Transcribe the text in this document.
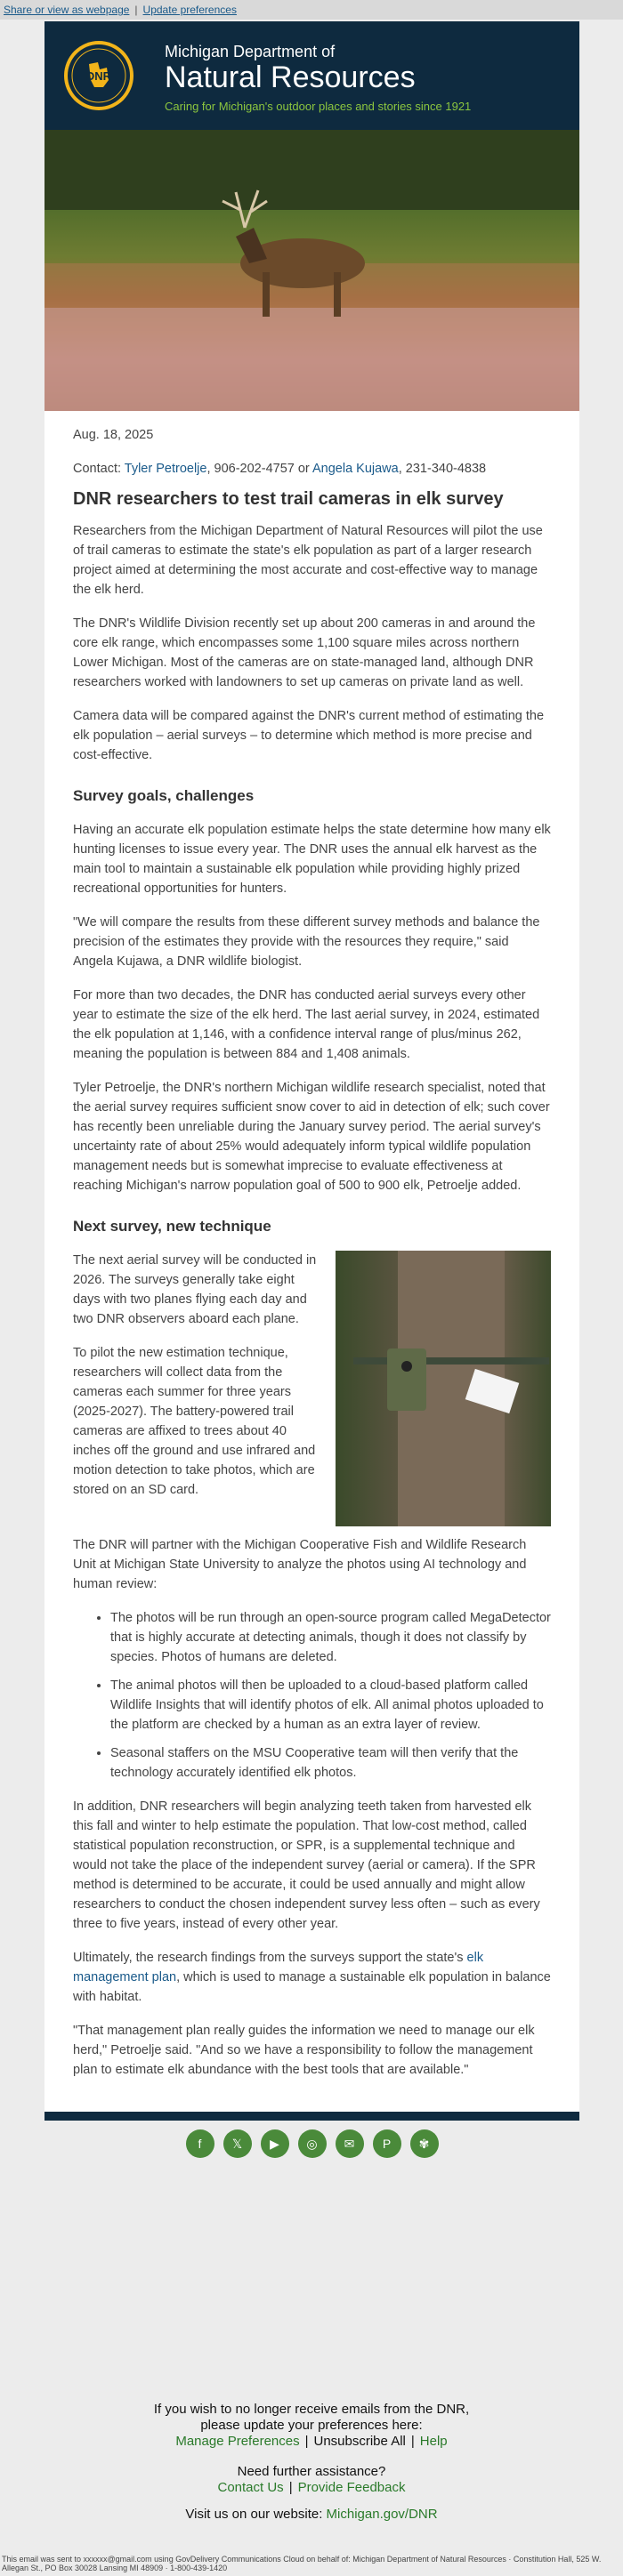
Share or view as webpage | Update preferences
DNR
Michigan Department of
Natural Resources
Caring for Michigan's outdoor places and stories since 1921

Aug. 18, 2025

Contact: Tyler Petroelje, 906-202-4757 or Angela Kujawa, 231-340-4838

DNR researchers to test trail cameras in elk survey

Researchers from the Michigan Department of Natural Resources will pilot the use of trail cameras to estimate the state's elk population as part of a larger research project aimed at determining the most accurate and cost-effective way to manage the elk herd.

The DNR's Wildlife Division recently set up about 200 cameras in and around the core elk range, which encompasses some 1,100 square miles across northern Lower Michigan. Most of the cameras are on state-managed land, although DNR researchers worked with landowners to set up cameras on private land as well.

Camera data will be compared against the DNR's current method of estimating the elk population – aerial surveys – to determine which method is more precise and cost-effective.

Survey goals, challenges

Having an accurate elk population estimate helps the state determine how many elk hunting licenses to issue every year. The DNR uses the annual elk harvest as the main tool to maintain a sustainable elk population while providing highly prized recreational opportunities for hunters.

"We will compare the results from these different survey methods and balance the precision of the estimates they provide with the resources they require," said Angela Kujawa, a DNR wildlife biologist.

For more than two decades, the DNR has conducted aerial surveys every other year to estimate the size of the elk herd. The last aerial survey, in 2024, estimated the elk population at 1,146, with a confidence interval range of plus/minus 262, meaning the population is between 884 and 1,408 animals.

Tyler Petroelje, the DNR's northern Michigan wildlife research specialist, noted that the aerial survey requires sufficient snow cover to aid in detection of elk; such cover has recently been unreliable during the January survey period. The aerial survey's uncertainty rate of about 25% would adequately inform typical wildlife population management needs but is somewhat imprecise to evaluate effectiveness at reaching Michigan's narrow population goal of 500 to 900 elk, Petroelje added.

Next survey, new technique

The next aerial survey will be conducted in 2026. The surveys generally take eight days with two planes flying each day and two DNR observers aboard each plane.

To pilot the new estimation technique, researchers will collect data from the cameras each summer for three years (2025-2027). The battery-powered trail cameras are affixed to trees about 40 inches off the ground and use infrared and motion detection to take photos, which are stored on an SD card.

The DNR will partner with the Michigan Cooperative Fish and Wildlife Research Unit at Michigan State University to analyze the photos using AI technology and human review:

• The photos will be run through an open-source program called MegaDetector that is highly accurate at detecting animals, though it does not classify by species. Photos of humans are deleted.
• The animal photos will then be uploaded to a cloud-based platform called Wildlife Insights that will identify photos of elk. All animal photos uploaded to the platform are checked by a human as an extra layer of review.
• Seasonal staffers on the MSU Cooperative team will then verify that the technology accurately identified elk photos.

In addition, DNR researchers will begin analyzing teeth taken from harvested elk this fall and winter to help estimate the population. That low-cost method, called statistical population reconstruction, or SPR, is a supplemental technique and would not take the place of the independent survey (aerial or camera). If the SPR method is determined to be accurate, it could be used annually and might allow researchers to conduct the chosen independent survey less often – such as every three to five years, instead of every other year.

Ultimately, the research findings from the surveys support the state's elk management plan, which is used to manage a sustainable elk population in balance with habitat.

"That management plan really guides the information we need to manage our elk herd," Petroelje said. "And so we have a responsibility to follow the management plan to estimate elk abundance with the best tools that are available."

f 𝕏 ▶ ◎ ✉ P ✾
If you wish to no longer receive emails from the DNR,
please update your preferences here:
Manage Preferences | Unsubscribe All | Help
Need further assistance?
Contact Us | Provide Feedback
Visit us on our website: Michigan.gov/DNR
This email was sent to xxxxxx@gmail.com using GovDelivery Communications Cloud on behalf of: Michigan Department of Natural Resources · Constitution Hall, 525 W. Allegan St., PO Box 30028 Lansing MI 48909 · 1-800-439-1420
